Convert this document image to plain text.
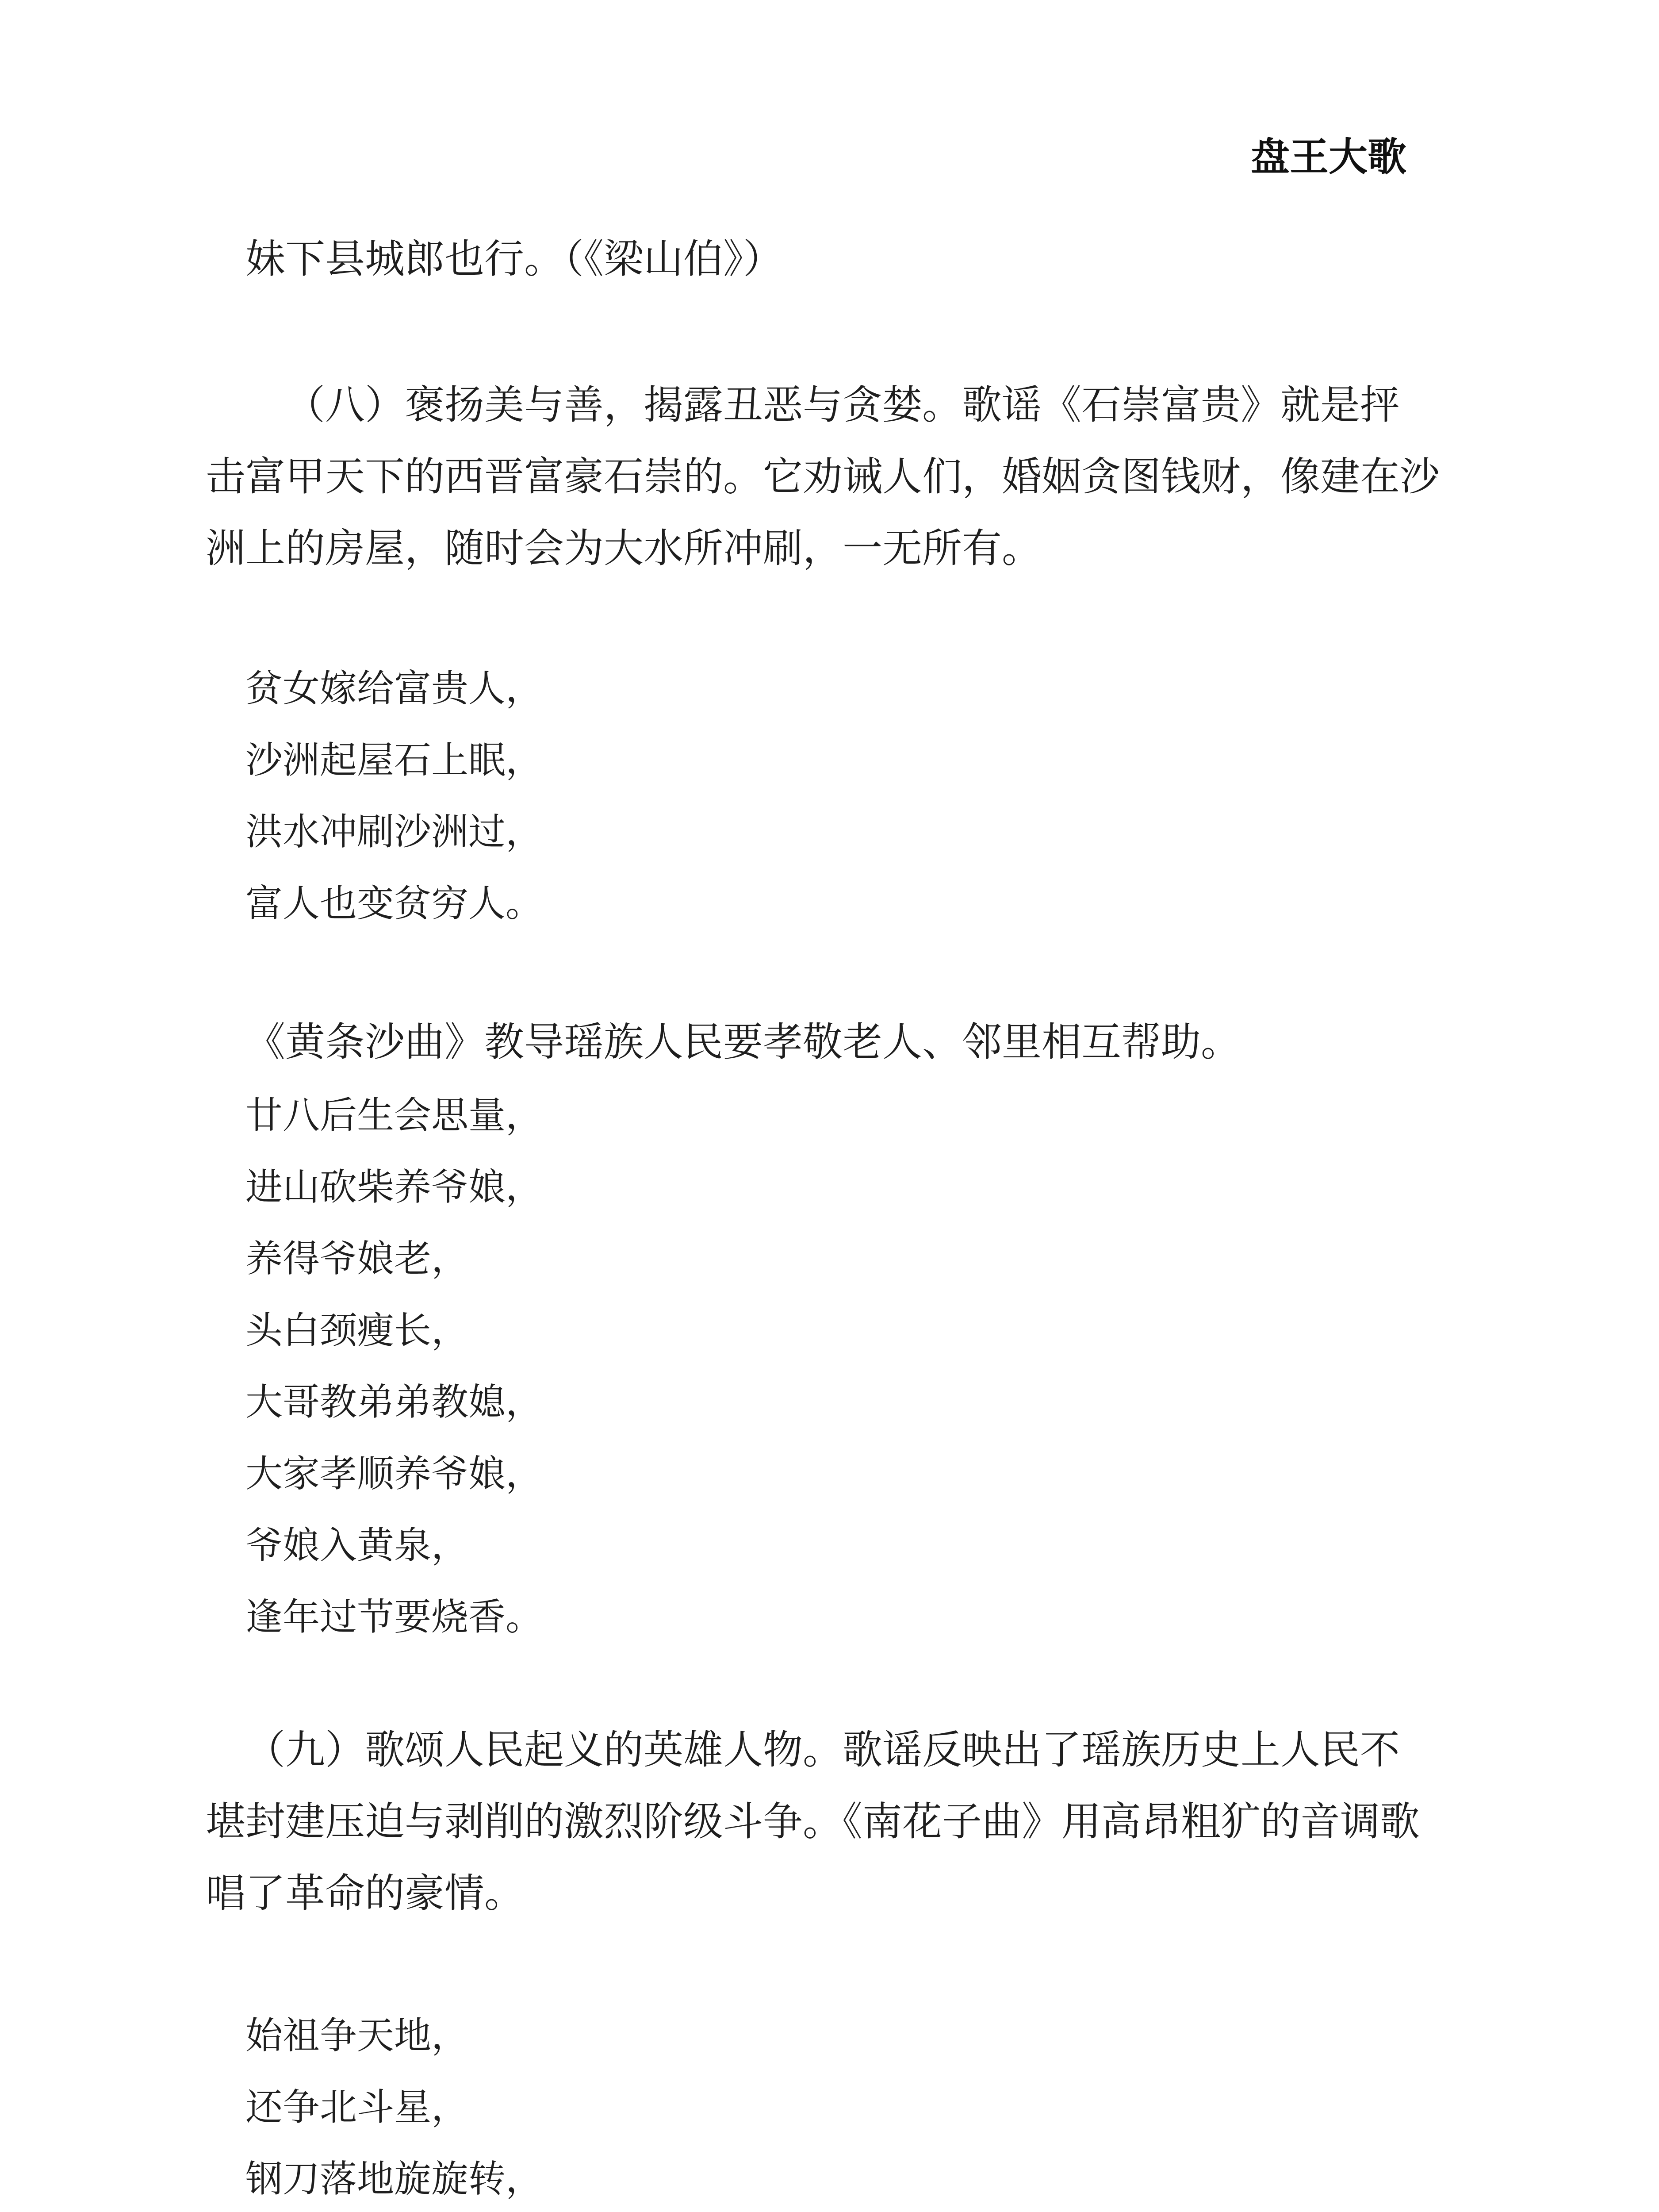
盘王大歌
妹下县城郎也行。（《梁山伯》）
（八）褒扬美与善，揭露丑恶与贪婪。歌谣《石崇富贵》就是抨
击富甲天下的西晋富豪石崇的。它劝诫人们，婚姻贪图钱财，像建在沙
洲上的房屋，随时会为大水所冲刷，一无所有。
贫女嫁给富贵人，
沙洲起屋石上眠，
洪水冲刷沙洲过，
富人也变贫穷人。
《黄条沙曲》教导瑶族人民要孝敬老人、邻里相互帮助。
廿八后生会思量，
进山砍柴养爷娘，
养得爷娘老，
头白颈瘦长，
大哥教弟弟教媳，
大家孝顺养爷娘，
爷娘入黄泉，
逢年过节要烧香。
（九）歌颂人民起义的英雄人物。歌谣反映出了瑶族历史上人民不
堪封建压迫与剥削的激烈阶级斗争。《南花子曲》用高昂粗犷的音调歌
唱了革命的豪情。
始祖争天地，
还争北斗星，
钢刀落地旋旋转，
